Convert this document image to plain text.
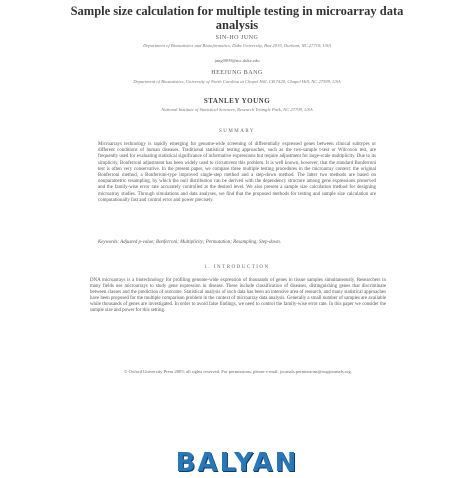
Sample size calculation for multiple testing in microarray data analysis
SIN-HO JUNG
Department of Biostatistics and Bioinformatics, Duke University, Box 2919, Durham, NC 27710, USA
jung0009@mc.duke.edu
HEEJUNG BANG
Department of Biostatistics, University of North Carolina at Chapel Hill, CB 7420, Chapel Hill, NC 27599, USA
STANLEY YOUNG
National Institute of Statistical Sciences, Research Triangle Park, NC 27709, USA
SUMMARY
Microarrays technology is rapidly emerging for genome-wide screening of differentially expressed genes between clinical subtypes or different conditions of human diseases. Traditional statistical testing approaches, such as the two-sample t-test or Wilcoxon test, are frequently used for evaluating statistical significance of informative expressions but require adjustment for large-scale multiplicity. Due to its simplicity, Bonferroni adjustment has been widely used to circumvent this problem. It is well known, however, that the standard Bonferroni test is often very conservative. In the present paper, we compare three multiple testing procedures in the microarray context: the original Bonferroni method, a Bonferroni-type improved single-step method and a step-down method. The latter two methods are based on nonparametric resampling, by which the null distribution can be derived with the dependency structure among gene expressions preserved and the family-wise error rate accurately controlled at the desired level. We also present a sample size calculation method for designing microarray studies. Through simulations and data analyses, we find that the proposed methods for testing and sample size calculation are computationally fast and control error and power precisely.
Keywords: Adjusted p-value; Bonferroni; Multiplicity; Permutation; Resampling; Step-down.
1. INTRODUCTION
DNA microarrays is a biotechnology for profiling genome-wide expression of thousands of genes in tissue samples simultaneously. Researchers in many fields use microarrays to study gene expression in disease. These include classification of diseases, distinguishing genes that discriminate between classes and the prediction of outcome. Statistical analysis of such data has been an intensive area of research, and many statistical approaches have been proposed for the multiple comparison problem in the context of microarray data analysis. Generally a small number of samples are available while thousands of genes are investigated. In order to avoid false findings, we need to control the family-wise error rate. In this paper we consider the sample size and power for this setting.
© Oxford University Press 2005; all rights reserved. For permissions, please e-mail: journals.permissions@oupjournals.org.
BALYAN
